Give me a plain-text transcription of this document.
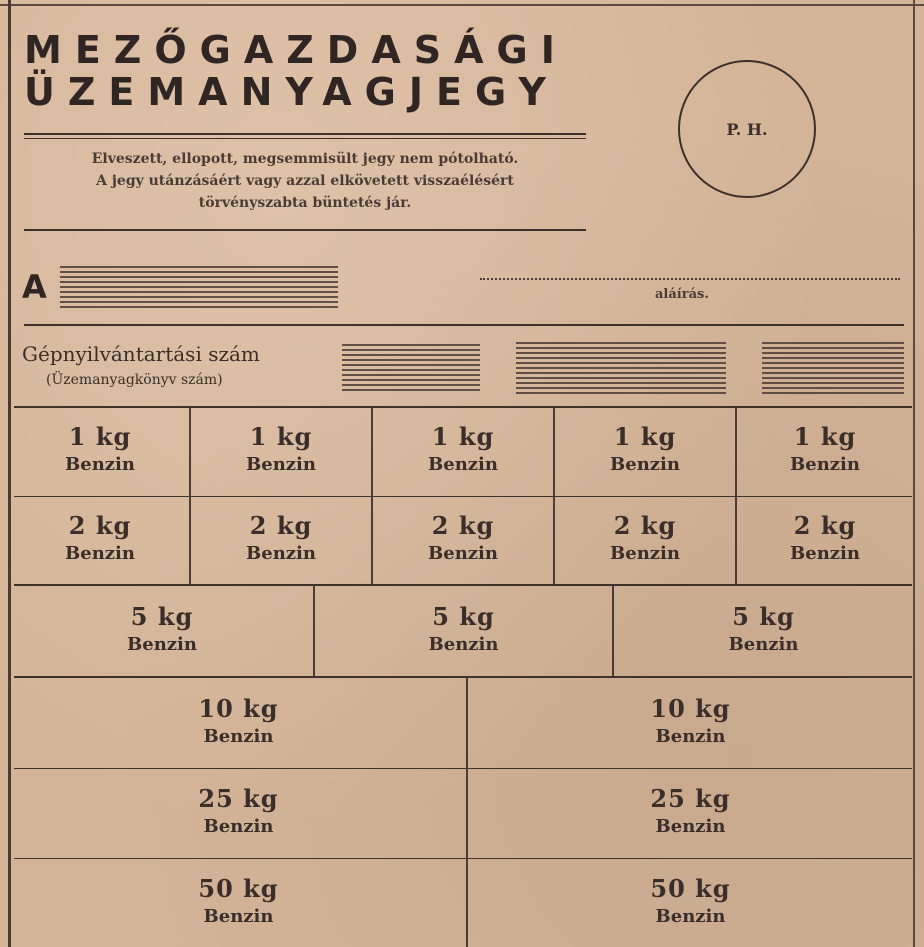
MEZŐGAZDASÁGI
ÜZEMANYAGJEGY
Elveszett, ellopott, megsemmisült jegy nem pótolható.
A jegy utánzásáért vagy azzal elkövetett visszaélésért
törvényszabta büntetés jár.
P. H.
A	aláírás.
Gépnyilvántartási szám
(Üzemanyagkönyv szám)
1 kg
Benzin
1 kg
Benzin
1 kg
Benzin
1 kg
Benzin
1 kg
Benzin
2 kg
Benzin
2 kg
Benzin
2 kg
Benzin
2 kg
Benzin
2 kg
Benzin
5 kg
Benzin
5 kg
Benzin
5 kg
Benzin
10 kg
Benzin
10 kg
Benzin
25 kg
Benzin
25 kg
Benzin
50 kg
Benzin
50 kg
Benzin
